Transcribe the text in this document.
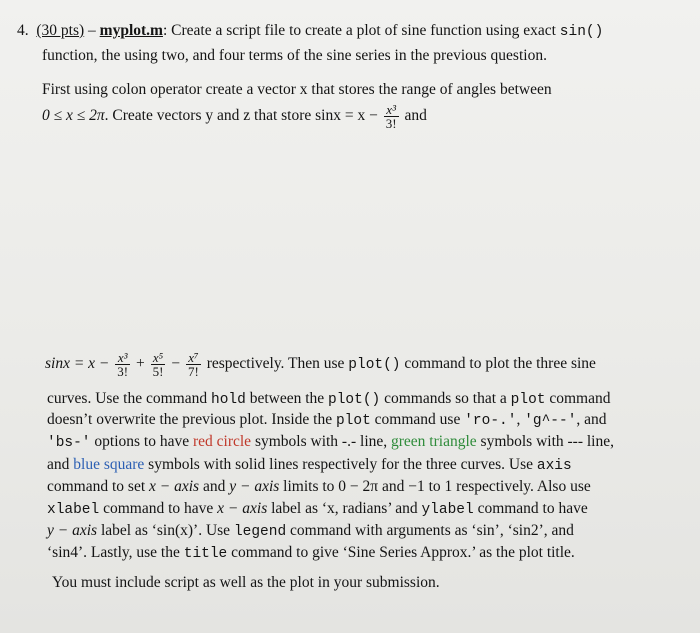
4. (30 pts) – myplot.m: Create a script file to create a plot of sine function using exact sin()
function, the using two, and four terms of the sine series in the previous question.
First using colon operator create a vector x that stores the range of angles between
0 ≤ x ≤ 2π. Create vectors y and z that store $\sin x = x - \frac{\text{x³}}{3!}$ and
$\sin x = x - \frac{\text{x³}}{3!} + \frac{\text{x⁵}}{5!} - \frac{\text{x⁷}}{7!}$ respectively. Then use plot() command to plot the three sine
curves. Use the command hold between the plot() commands so that a plot command
doesn’t overwrite the previous plot. Inside the plot command use 'ro-.', 'g^--', and
'bs-' options to have red circle symbols with -.- line, green triangle symbols with --- line,
and blue square symbols with solid lines respectively for the three curves. Use axis
command to set x − axis and y − axis limits to 0 − 2π and −1 to 1 respectively. Also use
xlabel command to have x − axis label as ‘x, radians’ and ylabel command to have
y − axis label as ‘sin(x)’. Use legend command with arguments as ‘sin’, ‘sin2’, and
‘sin4’. Lastly, use the title command to give ‘Sine Series Approx.’ as the plot title.
You must include script as well as the plot in your submission.
